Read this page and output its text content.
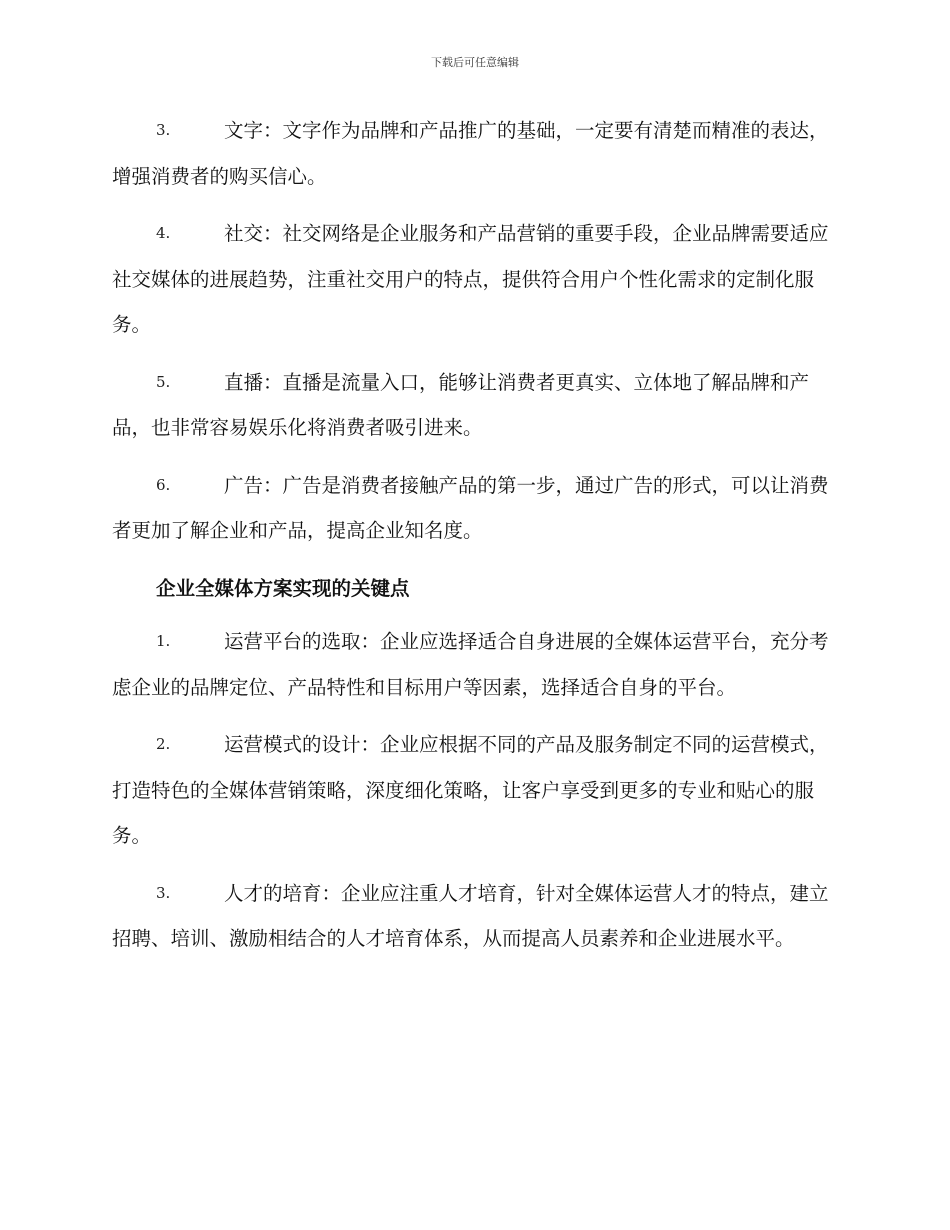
下载后可任意编辑
3.	文字：文字作为品牌和产品推广的基础，一定要有清楚而精准的表达，增强消费者的购买信心。
4.	社交：社交网络是企业服务和产品营销的重要手段，企业品牌需要适应社交媒体的进展趋势，注重社交用户的特点，提供符合用户个性化需求的定制化服务。
5.	直播：直播是流量入口，能够让消费者更真实、立体地了解品牌和产品，也非常容易娱乐化将消费者吸引进来。
6.	广告：广告是消费者接触产品的第一步，通过广告的形式，可以让消费者更加了解企业和产品，提高企业知名度。
企业全媒体方案实现的关键点
1.	运营平台的选取：企业应选择适合自身进展的全媒体运营平台，充分考虑企业的品牌定位、产品特性和目标用户等因素，选择适合自身的平台。
2.	运营模式的设计：企业应根据不同的产品及服务制定不同的运营模式，打造特色的全媒体营销策略，深度细化策略，让客户享受到更多的专业和贴心的服务。
3.	人才的培育：企业应注重人才培育，针对全媒体运营人才的特点，建立招聘、培训、激励相结合的人才培育体系，从而提高人员素养和企业进展水平。
